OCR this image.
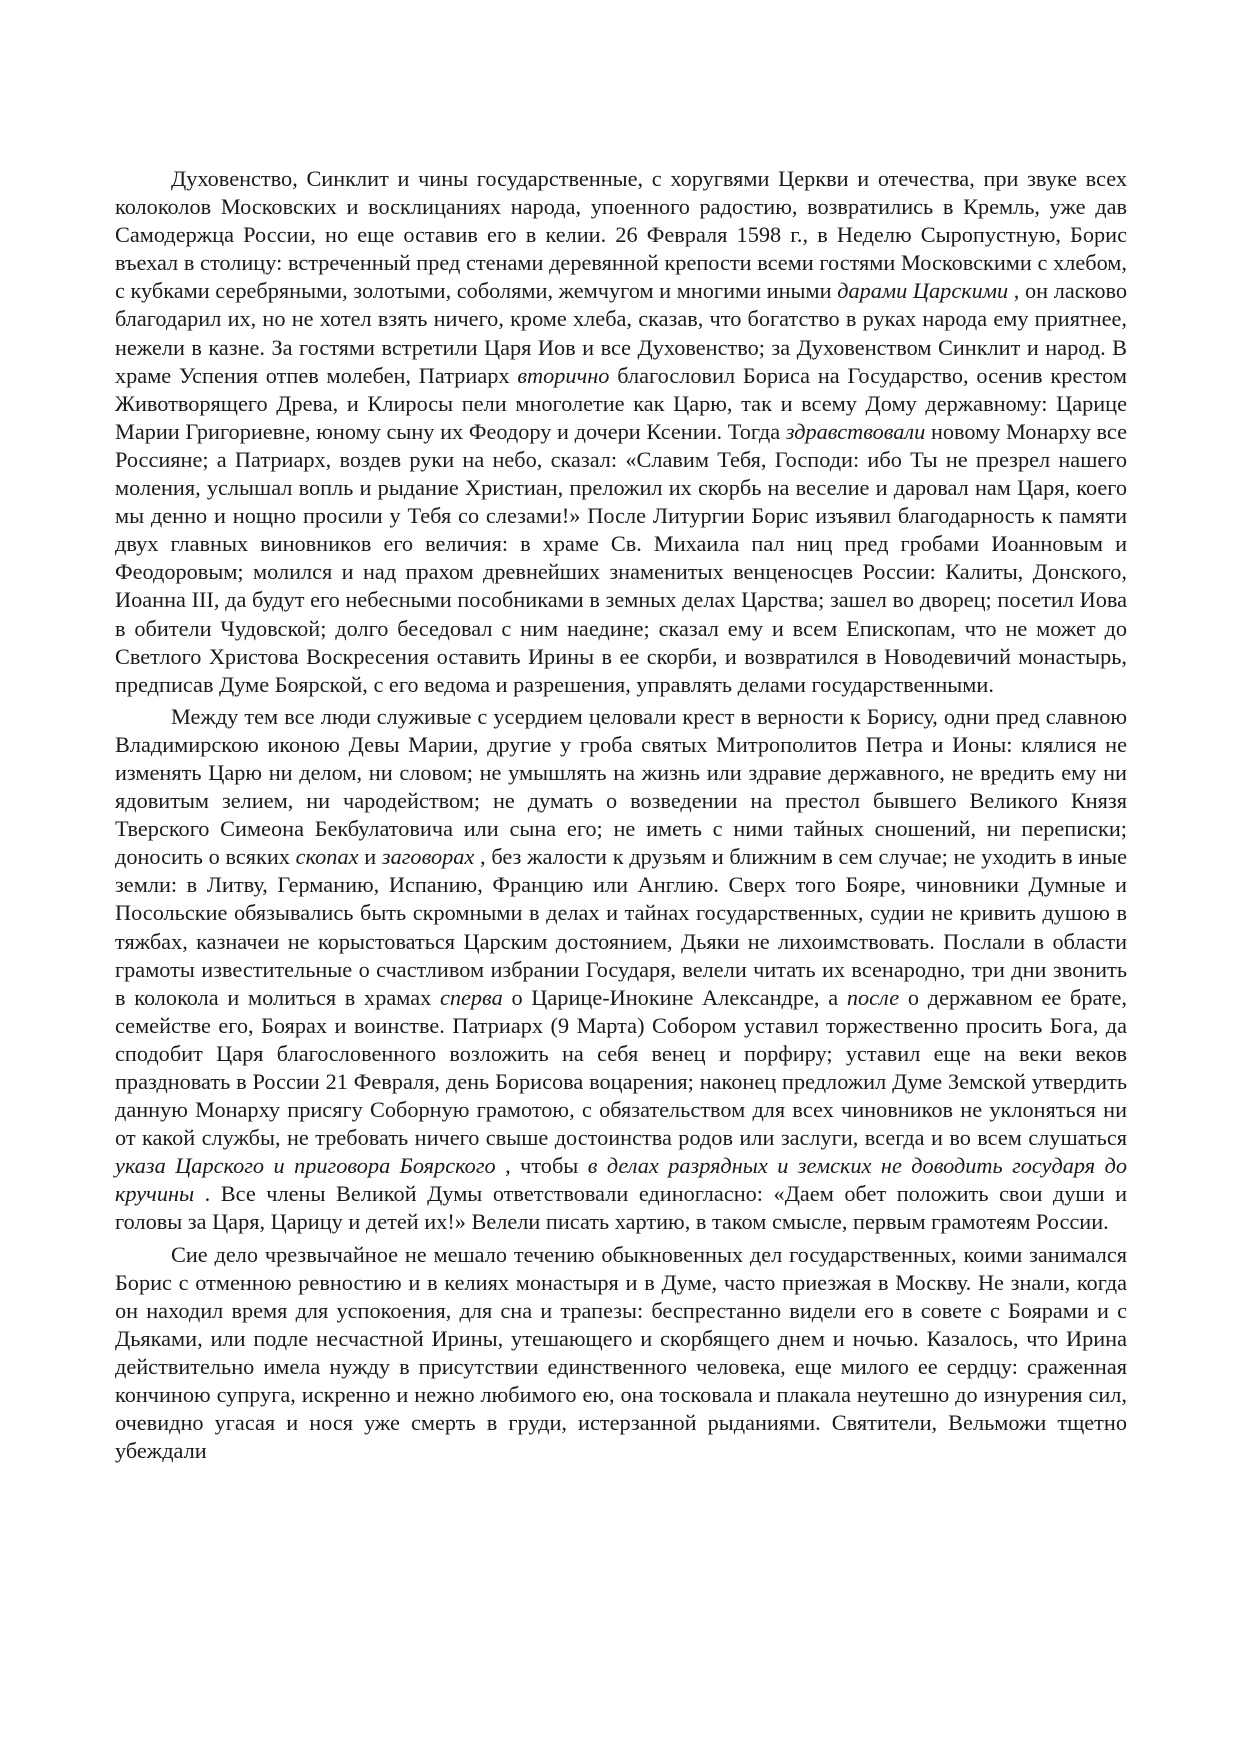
Духовенство, Синклит и чины государственные, с хоругвями Церкви и отечества, при звуке всех колоколов Московских и восклицаниях народа, упоенного радостию, возвратились в Кремль, уже дав Самодержца России, но еще оставив его в келии. 26 Февраля 1598 г., в Неделю Сыропустную, Борис въехал в столицу: встреченный пред стенами деревянной крепости всеми гостями Московскими с хлебом, с кубками серебряными, золотыми, соболями, жемчугом и многими иными дарами Царскими , он ласково благодарил их, но не хотел взять ничего, кроме хлеба, сказав, что богатство в руках народа ему приятнее, нежели в казне. За гостями встретили Царя Иов и все Духовенство; за Духовенством Синклит и народ. В храме Успения отпев молебен, Патриарх вторично благословил Бориса на Государство, осенив крестом Животворящего Древа, и Клиросы пели многолетие как Царю, так и всему Дому державному: Царице Марии Григориевне, юному сыну их Феодору и дочери Ксении. Тогда здравствовали новому Монарху все Россияне; а Патриарх, воздев руки на небо, сказал: «Славим Тебя, Господи: ибо Ты не презрел нашего моления, услышал вопль и рыдание Христиан, преложил их скорбь на веселие и даровал нам Царя, коего мы денно и нощно просили у Тебя со слезами!» После Литургии Борис изъявил благодарность к памяти двух главных виновников его величия: в храме Св. Михаила пал ниц пред гробами Иоанновым и Феодоровым; молился и над прахом древнейших знаменитых венценосцев России: Калиты, Донского, Иоанна III, да будут его небесными пособниками в земных делах Царства; зашел во дворец; посетил Иова в обители Чудовской; долго беседовал с ним наедине; сказал ему и всем Епископам, что не может до Светлого Христова Воскресения оставить Ирины в ее скорби, и возвратился в Новодевичий монастырь, предписав Думе Боярской, с его ведома и разрешения, управлять делами государственными.

Между тем все люди служивые с усердием целовали крест в верности к Борису, одни пред славною Владимирскою иконою Девы Марии, другие у гроба святых Митрополитов Петра и Ионы: клялися не изменять Царю ни делом, ни словом; не умышлять на жизнь или здравие державного, не вредить ему ни ядовитым зелием, ни чародейством; не думать о возведении на престол бывшего Великого Князя Тверского Симеона Бекбулатовича или сына его; не иметь с ними тайных сношений, ни переписки; доносить о всяких скопах и заговорах , без жалости к друзьям и ближним в сем случае; не уходить в иные земли: в Литву, Германию, Испанию, Францию или Англию. Сверх того Бояре, чиновники Думные и Посольские обязывались быть скромными в делах и тайнах государственных, судии не кривить душою в тяжбах, казначеи не корыстоваться Царским достоянием, Дьяки не лихоимствовать. Послали в области грамоты известительные о счастливом избрании Государя, велели читать их всенародно, три дни звонить в колокола и молиться в храмах сперва о Царице-Инокине Александре, а после о державном ее брате, семействе его, Боярах и воинстве. Патриарх (9 Марта) Собором уставил торжественно просить Бога, да сподобит Царя благословенного возложить на себя венец и порфиру; уставил еще на веки веков праздновать в России 21 Февраля, день Борисова воцарения; наконец предложил Думе Земской утвердить данную Монарху присягу Соборную грамотою, с обязательством для всех чиновников не уклоняться ни от какой службы, не требовать ничего свыше достоинства родов или заслуги, всегда и во всем слушаться указа Царского и приговора Боярского , чтобы в делах разрядных и земских не доводить государя до кручины . Все члены Великой Думы ответствовали единогласно: «Даем обет положить свои души и головы за Царя, Царицу и детей их!» Велели писать хартию, в таком смысле, первым грамотеям России.

Сие дело чрезвычайное не мешало течению обыкновенных дел государственных, коими занимался Борис с отменною ревностию и в келиях монастыря и в Думе, часто приезжая в Москву. Не знали, когда он находил время для успокоения, для сна и трапезы: беспрестанно видели его в совете с Боярами и с Дьяками, или подле несчастной Ирины, утешающего и скорбящего днем и ночью. Казалось, что Ирина действительно имела нужду в присутствии единственного человека, еще милого ее сердцу: сраженная кончиною супруга, искренно и нежно любимого ею, она тосковала и плакала неутешно до изнурения сил, очевидно угасая и нося уже смерть в груди, истерзанной рыданиями. Святители, Вельможи тщетно убеждали
